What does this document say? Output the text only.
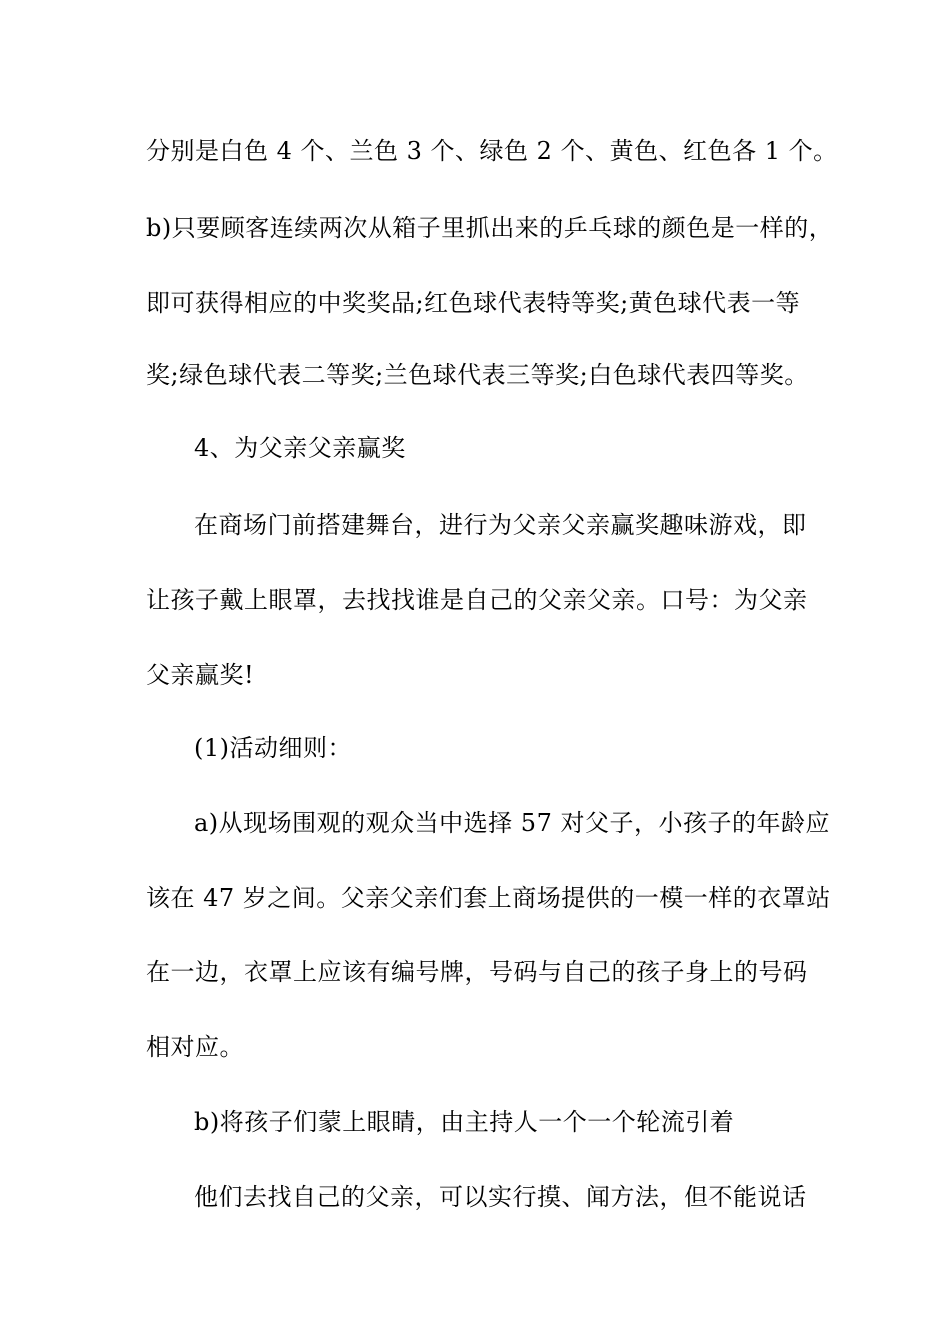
分别是白色 4 个、兰色 3 个、绿色 2 个、黄色、红色各 1 个。
b)只要顾客连续两次从箱子里抓出来的乒乓球的颜色是一样的，
即可获得相应的中奖奖品;红色球代表特等奖;黄色球代表一等
奖;绿色球代表二等奖;兰色球代表三等奖;白色球代表四等奖。
4、为父亲父亲赢奖
在商场门前搭建舞台，进行为父亲父亲赢奖趣味游戏，即
让孩子戴上眼罩，去找找谁是自己的父亲父亲。口号：为父亲
父亲赢奖!
(1)活动细则：
a)从现场围观的观众当中选择 57 对父子，小孩子的年龄应
该在 47 岁之间。父亲父亲们套上商场提供的一模一样的衣罩站
在一边，衣罩上应该有编号牌，号码与自己的孩子身上的号码
相对应。
b)将孩子们蒙上眼睛，由主持人一个一个轮流引着
他们去找自己的父亲，可以实行摸、闻方法，但不能说话
